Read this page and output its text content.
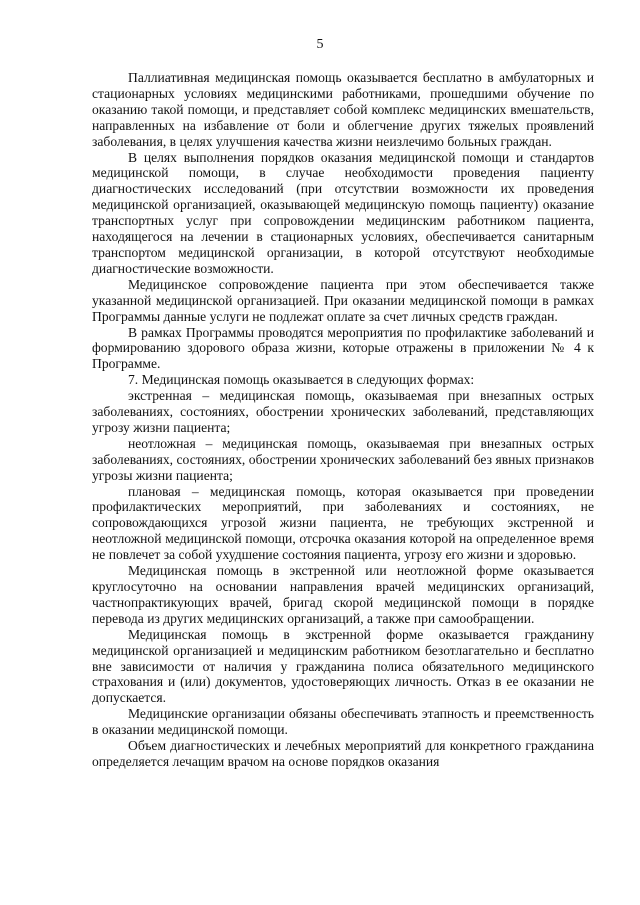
5

Паллиативная медицинская помощь оказывается бесплатно в амбулаторных и стационарных условиях медицинскими работниками, прошедшими обучение по оказанию такой помощи, и представляет собой комплекс медицинских вмешательств, направленных на избавление от боли и облегчение других тяжелых проявлений заболевания, в целях улучшения качества жизни неизлечимо больных граждан.

В целях выполнения порядков оказания медицинской помощи и стандартов медицинской помощи, в случае необходимости проведения пациенту диагностических исследований (при отсутствии возможности их проведения медицинской организацией, оказывающей медицинскую помощь пациенту) оказание транспортных услуг при сопровождении медицинским работником пациента, находящегося на лечении в стационарных условиях, обеспечивается санитарным транспортом медицинской организации, в которой отсутствуют необходимые диагностические возможности.

Медицинское сопровождение пациента при этом обеспечивается также указанной медицинской организацией. При оказании медицинской помощи в рамках Программы данные услуги не подлежат оплате за счет личных средств граждан.

В рамках Программы проводятся мероприятия по профилактике заболеваний и формированию здорового образа жизни, которые отражены в приложении № 4 к Программе.

7. Медицинская помощь оказывается в следующих формах:

экстренная – медицинская помощь, оказываемая при внезапных острых заболеваниях, состояниях, обострении хронических заболеваний, представляющих угрозу жизни пациента;

неотложная – медицинская помощь, оказываемая при внезапных острых заболеваниях, состояниях, обострении хронических заболеваний без явных признаков угрозы жизни пациента;

плановая – медицинская помощь, которая оказывается при проведении профилактических мероприятий, при заболеваниях и состояниях, не сопровождающихся угрозой жизни пациента, не требующих экстренной и неотложной медицинской помощи, отсрочка оказания которой на определенное время не повлечет за собой ухудшение состояния пациента, угрозу его жизни и здоровью.

Медицинская помощь в экстренной или неотложной форме оказывается круглосуточно на основании направления врачей медицинских организаций, частнопрактикующих врачей, бригад скорой медицинской помощи в порядке перевода из других медицинских организаций, а также при самообращении.

Медицинская помощь в экстренной форме оказывается гражданину медицинской организацией и медицинским работником безотлагательно и бесплатно вне зависимости от наличия у гражданина полиса обязательного медицинского страхования и (или) документов, удостоверяющих личность. Отказ в ее оказании не допускается.

Медицинские организации обязаны обеспечивать этапность и преемственность в оказании медицинской помощи.

Объем диагностических и лечебных мероприятий для конкретного гражданина определяется лечащим врачом на основе порядков оказания
